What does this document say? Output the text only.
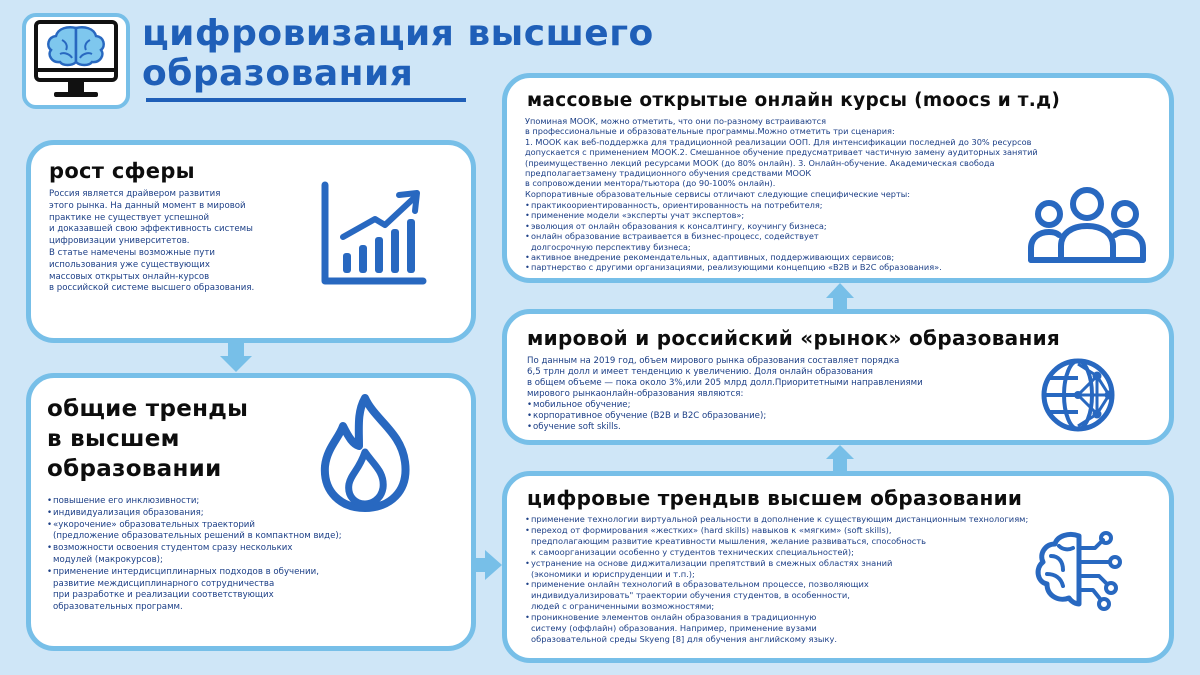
цифровизация высшего
образования
рост сферы
Россия является драйвером развития
этого рынка. На данный момент в мировой
практике не существует успешной
и доказавшей свою эффективность системы
цифровизации университетов.
В статье намечены возможные пути
использования уже существующих
массовых открытых онлайн-курсов
в российской системе высшего образования.
общие тренды
в высшем
образовании
• повышение его инклюзивности;
• индивидуализация образования;
• «укорочение» образовательных траекторий
(предложение образовательных решений в компактном виде);
• возможности освоения студентом сразу нескольких
модулей (макрокурсов);
• применение интердисциплинарных подходов в обучении,
развитие междисциплинарного сотрудничества
при разработке и реализации соответствующих
образовательных программ.
массовые открытые онлайн курсы (moocs и т.д)
Упоминая МООК, можно отметить, что они по-разному встраиваются
в профессиональные и образовательные программы.Можно отметить три сценария:
1. МООК как веб-поддержка для традиционной реализации ООП. Для интенсификации последней до 30% ресурсов
допускается с применением МООК.2. Смешанное обучение предусматривает частичную замену аудиторных занятий
(преимущественно лекций ресурсами МООК (до 80% онлайн). 3. Онлайн-обучение. Академическая свобода
предполагаетзамену традиционного обучения средствами МООК
в сопровождении ментора/тьютора (до 90-100% онлайн).
Корпоративные образовательные сервисы отличают следующие специфические черты:
• практикоориентированность, ориентированность на потребителя;
• применение модели «эксперты учат экспертов»;
• эволюция от онлайн образования к консалтингу, коучингу бизнеса;
• онлайн образование встраивается в бизнес-процесс, содействует
долгосрочную перспективу бизнеса;
• активное внедрение рекомендательных, адаптивных, поддерживающих сервисов;
• партнерство с другими организациями, реализующими концепцию «B2B и B2C образования».
мировой и российский «рынок» образования
По данным на 2019 год, объем мирового рынка образования составляет порядка
6,5 трлн долл и имеет тенденцию к увеличению. Доля онлайн образования
в общем объеме — пока около 3%,или 205 млрд долл.Приоритетными направлениями
мирового рынкаонлайн-образования являются:
• мобильное обучение;
• корпоративное обучение (B2B и B2C образование);
• обучение soft skills.
цифровые трендыв высшем образовании
• применение технологии виртуальной реальности в дополнение к существующим дистанционным технологиям;
• переход от формирования «жестких» (hard skills) навыков к «мягким» (soft skills),
предполагающим развитие креативности мышления, желание развиваться, способность
к самоорганизации особенно у студентов технических специальностей);
• устранение на основе диджитализации препятствий в смежных областях знаний
(экономики и юриспруденции и т.п.);
• применение онлайн технологий в образовательном процессе, позволяющих
индивидуализировать" траектории обучения студентов, в особенности,
людей с ограниченными возможностями;
• проникновение элементов онлайн образования в традиционную
систему (оффлайн) образования. Например, применение вузами
образовательной среды Skyeng [8] для обучения английскому языку.
